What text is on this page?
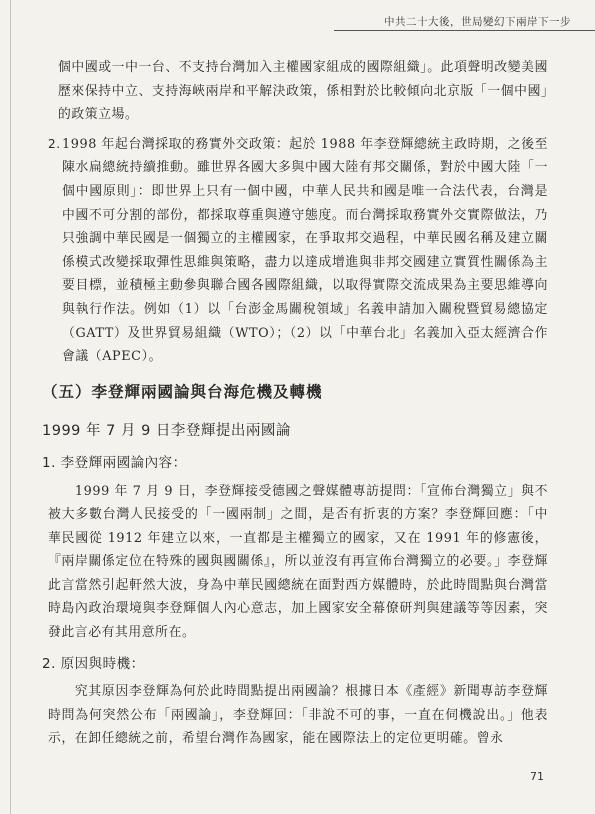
中共二十大後，世局變幻下兩岸下一步

個中國或一中一台、不支持台灣加入主權國家組成的國際組織」。此項聲明改變美國歷來保持中立、支持海峽兩岸和平解決政策，係相對於比較傾向北京版「一個中國」的政策立場。

2. 1998 年起台灣採取的務實外交政策：起於 1988 年李登輝總統主政時期，之後至陳水扁總統持續推動。雖世界各國大多與中國大陸有邦交關係，對於中國大陸「一個中國原則」：即世界上只有一個中國，中華人民共和國是唯一合法代表，台灣是中國不可分割的部份，都採取尊重與遵守態度。而台灣採取務實外交實際做法，乃只強調中華民國是一個獨立的主權國家，在爭取邦交過程，中華民國名稱及建立關係模式改變採取彈性思維與策略，盡力以達成增進與非邦交國建立實質性關係為主要目標，並積極主動參與聯合國各國際組織，以取得實際交流成果為主要思維導向與執行作法。例如（1）以「台澎金馬關稅領域」名義申請加入關稅暨貿易總協定（GATT）及世界貿易組織（WTO）；（2）以「中華台北」名義加入亞太經濟合作會議（APEC）。
（五）李登輝兩國論與台海危機及轉機
1999 年 7 月 9 日李登輝提出兩國論
1. 李登輝兩國論內容：

1999 年 7 月 9 日，李登輝接受德國之聲媒體專訪提問：「宣佈台灣獨立」與不被大多數台灣人民接受的「一國兩制」之間，是否有折衷的方案？李登輝回應：「中華民國從 1912 年建立以來，一直都是主權獨立的國家，又在 1991 年的修憲後，『兩岸關係定位在特殊的國與國關係』，所以並沒有再宣佈台灣獨立的必要。」李登輝此言當然引起軒然大波，身為中華民國總統在面對西方媒體時，於此時間點與台灣當時島內政治環境與李登輝個人內心意志，加上國家安全幕僚研判與建議等等因素，突發此言必有其用意所在。

2. 原因與時機：

究其原因李登輝為何於此時間點提出兩國論？根據日本《產經》新聞專訪李登輝時問為何突然公布「兩國論」，李登輝回：「非說不可的事，一直在伺機說出。」他表示，在卸任總統之前，希望台灣作為國家，能在國際法上的定位更明確。曾永

71
